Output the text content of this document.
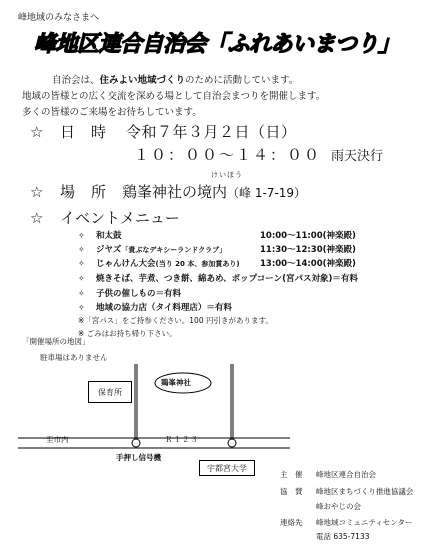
峰地域のみなさまへ
峰地区連合自治会「ふれあいまつり」
自治会は、住みよい地域づくりのために活動しています。
地域の皆様との広く交流を深める場として自治会まつりを開催します。
多くの皆様のご来場をお待ちしています。
☆ 日時 令和７年３月２日（日）
１０：００～１４：００ 雨天決行
けいほう
☆ 場所鶏峯神社の境内（峰 1-7-19）
☆ イベントメニュー
✧ 和太鼓	10:00～11:00(神楽殿)
✧ ジヤズ「貴ぶなデキシーランドクラブ」	11:30～12:30(神楽殿)
✧ じゃんけん大会(当り 20 本、参加賞あり) 13:00～14:00(神楽殿)
✧ 焼きそば、芋煮、つき餅、綿あめ、ポップコーン(宮パス対象)＝有料
✧ 子供の催しもの＝有料
✧ 地域の協力店（タイ料理店）＝有料
※「宮パス」をご持参ください。100 円引きがあります。
※ ごみはお持ち帰り下さい。
「開催場所の地図」
駐車場はありません
鶏峯神社
保育所
至市内	Ｒ１２３
手押し信号機
宇都宮大学
主　催 峰地区連合自治会
協　賛 峰地区まちづくり推進協議会
峰おやじの会
連絡先 峰地域コミュニティセンター
電話 635-7133
